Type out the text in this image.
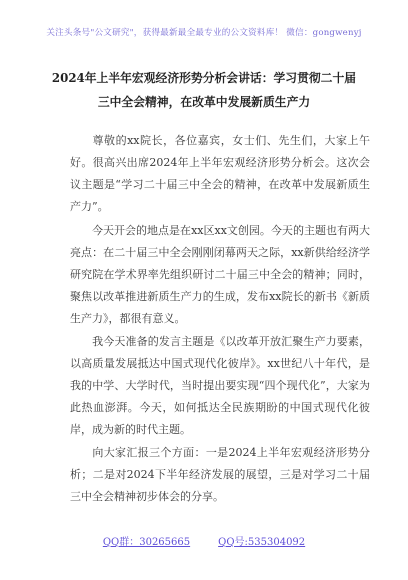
关注头条号"公文研究"，获得最新最全最专业的公文资料库！ 微信：gongwenyj
2024年上半年宏观经济形势分析会讲话：学习贯彻二十届
三中全会精神，在改革中发展新质生产力
尊敬的xx院长，各位嘉宾，女士们、先生们，大家上午好。很高兴出席2024年上半年宏观经济形势分析会。这次会议主题是“学习二十届三中全会的精神，在改革中发展新质生产力”。
今天开会的地点是在xx区xx文创园。今天的主题也有两大亮点：在二十届三中全会刚刚闭幕两天之际，xx新供给经济学研究院在学术界率先组织研讨二十届三中全会的精神；同时，聚焦以改革推进新质生产力的生成，发布xx院长的新书《新质生产力》，都很有意义。
我今天准备的发言主题是《以改革开放汇聚生产力要素，以高质量发展抵达中国式现代化彼岸》。xx世纪八十年代，是我的中学、大学时代，当时提出要实现“四个现代化”，大家为此热血澎湃。今天，如何抵达全民族期盼的中国式现代化彼岸，成为新的时代主题。
向大家汇报三个方面：一是2024上半年宏观经济形势分析；二是对2024下半年经济发展的展望，三是对学习二十届三中全会精神初步体会的分享。
QQ群：30265665	QQ号:535304092
